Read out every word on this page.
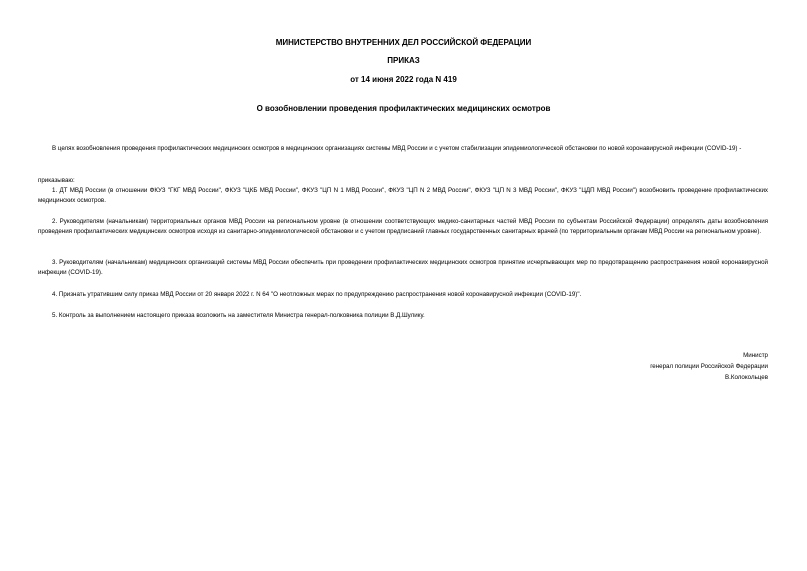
МИНИСТЕРСТВО ВНУТРЕННИХ ДЕЛ РОССИЙСКОЙ ФЕДЕРАЦИИ
ПРИКАЗ
от 14 июня 2022 года N 419
О возобновлении проведения профилактических медицинских осмотров
В целях возобновления проведения профилактических медицинских осмотров в медицинских организациях системы МВД России и с учетом стабилизации эпидемиологической обстановки по новой коронавирусной инфекции (COVID-19) -
приказываю:
1. ДТ МВД России (в отношении ФКУЗ "ГКГ МВД России", ФКУЗ "ЦКБ МВД России", ФКУЗ "ЦП N 1 МВД России", ФКУЗ "ЦП N 2 МВД России", ФКУЗ "ЦП N 3 МВД России", ФКУЗ "ЦДП МВД России") возобновить проведение профилактических медицинских осмотров.
2. Руководителям (начальникам) территориальных органов МВД России на региональном уровне (в отношении соответствующих медико-санитарных частей МВД России по субъектам Российской Федерации) определять даты возобновления проведения профилактических медицинских осмотров исходя из санитарно-эпидемиологической обстановки и с учетом предписаний главных государственных санитарных врачей (по территориальным органам МВД России на региональном уровне).
3. Руководителям (начальникам) медицинских организаций системы МВД России обеспечить при проведении профилактических медицинских осмотров принятие исчерпывающих мер по предотвращению распространения новой коронавирусной инфекции (COVID-19).
4. Признать утратившим силу приказ МВД России от 20 января 2022 г. N 64 "О неотложных мерах по предупреждению распространения новой коронавирусной инфекции (COVID-19)".
5. Контроль за выполнением настоящего приказа возложить на заместителя Министра генерал-полковника полиции В.Д.Шулику.
Министр
генерал полиции Российской Федерации
В.Колокольцев
